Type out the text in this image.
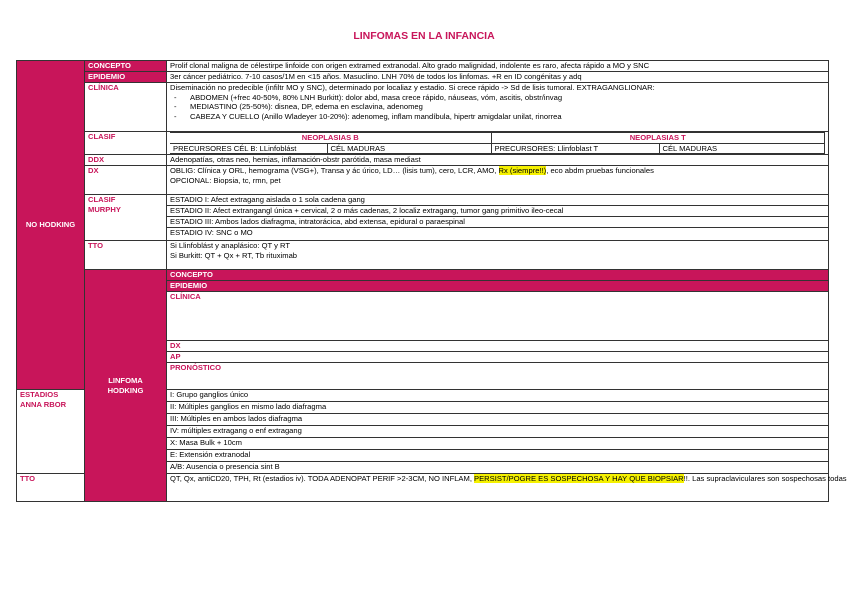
LINFOMAS EN LA INFANCIA
NO HODKING	CONCEPTO	Prolif clonal maligna de célestirpe linfoide con origen extramed extranodal. Alto grado malignidad, indolente es raro, afecta rápido a MO y SNC
EPIDEMIO	3er cáncer pediátrico. 7-10 casos/1M en <15 años. Masuclino. LNH 70% de todos los linfomas. +R en ID congénitas y adq
CLÍNICA	Diseminación no predecible (infiltr MO y SNC), determinado por localiaz y estadio. Si crece rápido -> Sd de lisis tumoral. EXTRAGANGLIONAR:
- ABDOMEN (+frec 40-50%, 80% LNH Burkitt): dolor abd, masa crece rápido, náuseas, vóm, ascitis, obstr/invag
- MEDIASTINO (25-50%): disnea, DP, edema en esclavina, adenomeg
- CABEZA Y CUELLO (Anillo Wladeyer 10-20%): adenomeg, inflam mandíbula, hipertr amigdalar unilat, rinorrea

CLASIF		NEOPLASIAS B	NEOPLASIAS T
PRECURSORES CÉL B: LLinfoblást	CÉL MADURAS	PRECURSORES: Llinfoblast T	CÉL MADURAS

DDX	Adenopatías, otras neo, hernias, inflamación-obstr parótida, masa mediast
DX	OBLIG: Clínica y ORL, hemograma (VSG+), Transa y ác úrico, LD… (lisis tum), cero, LCR, AMO, Rx (siempre!!), eco abdm pruebas funcionales
OPCIONAL: Biopsia, tc, rmn, pet
CLASIF
MURPHY	ESTADIO I: Afect extragang aislada o 1 sola cadena gang
ESTADIO II: Afect extrangangl única + cervical, 2 o más cadenas, 2 localiz extragang, tumor gang primitivo ileo-cecal
ESTADIO III: Ambos lados diafragma, intratorácica, abd extensa, epidural o paraespinal
ESTADIO IV: SNC o MO
TTO	Si Llinfoblást y anaplásico: QT y RT
Si Burkitt: QT + Qx + RT, Tb rituximab
LINFOMA
HODKING	CONCEPTO	
EPIDEMIO	
CLÍNICA	

DX	
AP	
PRONÓSTICO	
ESTADIOS
ANNA RBOR	I: Grupo ganglios único
II: Múltiples ganglios en mismo lado diafragma
III: Múltiples en ambos lados diafragma
IV: múltiples extragang o enf extragang
X: Masa Bulk + 10cm
E: Extensión extranodal
A/B: Ausencia o presencia sint B
TTO	QT, Qx, antiCD20, TPH, Rt (estadios iv). TODA ADENOPAT PERIF >2-3CM, NO INFLAM, PERSIST/POGRE ES SOSPECHOSA Y HAY QUE BIOPSIAR!!. Las supraclaviculares son sospechosas todas
